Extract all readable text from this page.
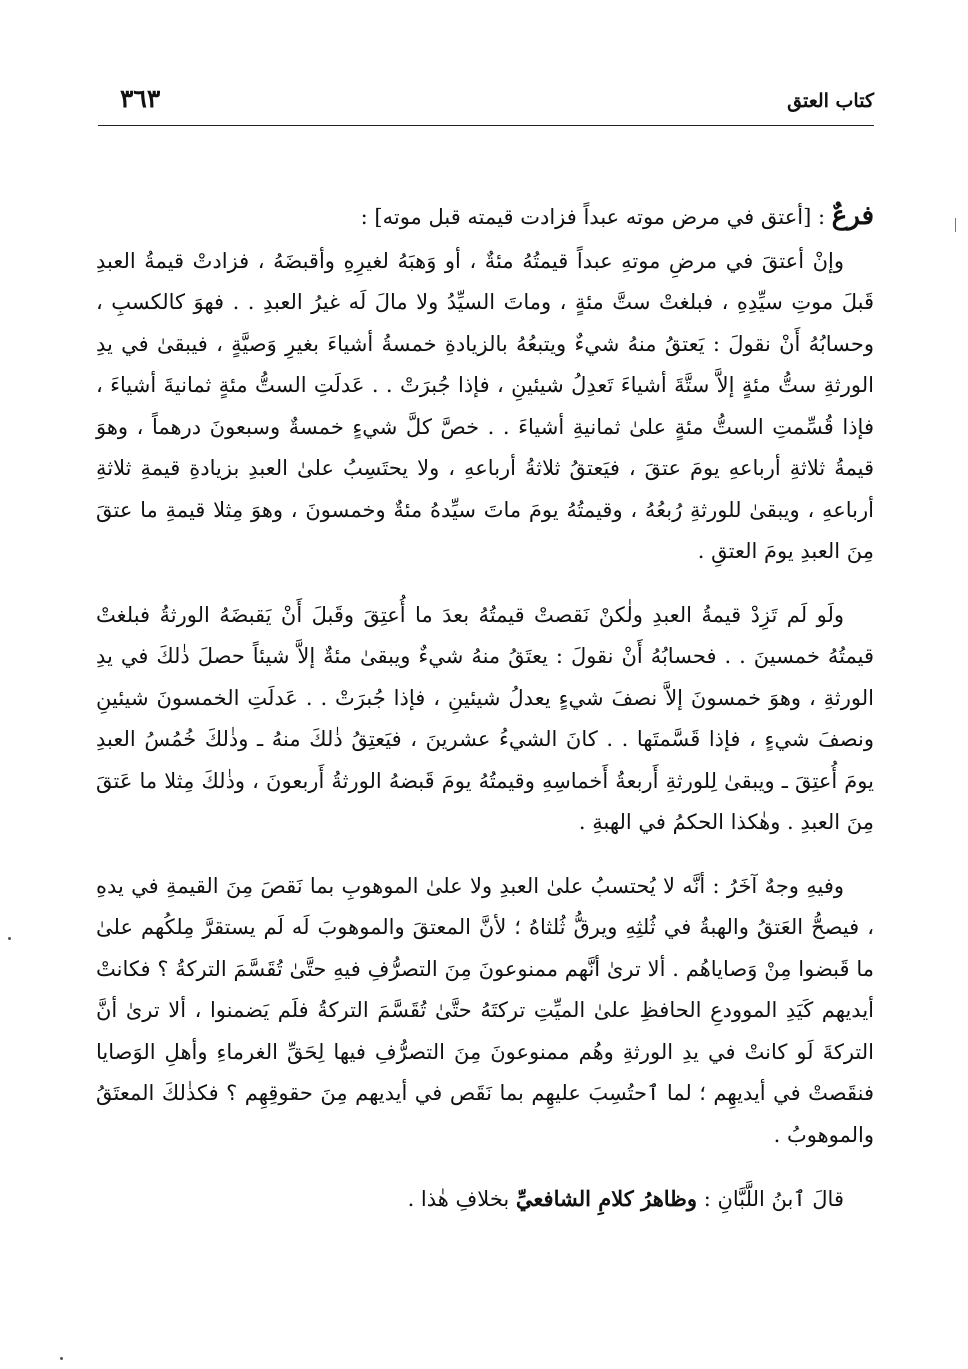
كتاب العتق
٣٦٣

فرعٌ : [أعتق في مرض موته عبداً فزادت قيمته قبل موته] :

وإنْ أعتقَ في مرضِ موتهِ عبداً قيمتُهُ مئةٌ ، أو وَهبَهُ لغيرِهِ وأقبضَهُ ، فزادتْ قيمةُ العبدِ قَبلَ موتِ سيِّدِهِ ، فبلغتْ ستَّ مئةٍ ، وماتَ السيِّدُ ولا مالَ لَه غيرُ العبدِ . . فهوَ كالكسبِ ، وحسابُهُ أَنْ نقولَ : يَعتقُ منهُ شيءٌ ويتبعُهُ بالزيادةِ خمسةُ أشياءَ بغيرِ وَصيَّةٍ ، فيبقىٰ في يدِ الورثةِ ستُّ مئةٍ إلاَّ ستَّةَ أشياءَ تَعدِلُ شيئينِ ، فإذا جُبرَتْ . . عَدلَتِ الستُّ مئةٍ ثمانيةَ أشياءَ ، فإذا قُسِّمتِ الستُّ مئةٍ علىٰ ثمانيةِ أشياءَ . . خصَّ كلَّ شيءٍ خمسةٌ وسبعونَ درهماً ، وهوَ قيمةُ ثلاثةِ أرباعهِ يومَ عتقَ ، فيَعتقُ ثلاثةُ أرباعهِ ، ولا يحتَسِبُ علىٰ العبدِ بزيادةِ قيمةِ ثلاثةِ أرباعهِ ، ويبقىٰ للورثةِ رُبعُهُ ، وقيمتُهُ يومَ ماتَ سيِّدهُ مئةٌ وخمسونَ ، وهوَ مِثلا قيمةِ ما عتقَ مِنَ العبدِ يومَ العتقِ .

ولَو لَم تَزِدْ قيمةُ العبدِ ولٰكنْ نَقصتْ قيمتُهُ بعدَ ما أُعتِقَ وقَبلَ أَنْ يَقبضَهُ الورثةُ فبلغتْ قيمتُهُ خمسينَ . . فحسابُهُ أَنْ نقولَ : يعتَقُ منهُ شيءٌ ويبقىٰ مئةٌ إلاَّ شيئاً حصلَ ذٰلكَ في يدِ الورثةِ ، وهوَ خمسونَ إلاَّ نصفَ شيءٍ يعدلُ شيئينِ ، فإذا جُبرَتْ . . عَدلَتِ الخمسونَ شيئينِ ونصفَ شيءٍ ، فإذا قَسَّمتَها . . كانَ الشيءُ عشرينَ ، فيَعتِقُ ذٰلكَ منهُ ـ وذٰلكَ خُمُسُ العبدِ يومَ أُعتِقَ ـ ويبقىٰ لِلورثةِ أَربعةُ أَخماسِهِ وقيمتُهُ يومَ قَبضهُ الورثةُ أَربعونَ ، وذٰلكَ مِثلا ما عَتقَ مِنَ العبدِ . وهٰكذا الحكمُ في الهبةِ .

وفيهِ وجهٌ آخَرُ : أنَّه لا يُحتسبُ علىٰ العبدِ ولا علىٰ الموهوبِ بما نَقصَ مِنَ القيمةِ في يدهِ ، فيصحُّ العَتقُ والهبةُ في ثُلثِهِ ويرقُّ ثُلثاهُ ؛ لأنَّ المعتقَ والموهوبَ لَه لَم يستقرَّ مِلكُهم علىٰ ما قَبضوا مِنْ وَصاياهُم . ألا ترىٰ أنَّهم ممنوعونَ مِنَ التصرُّفِ فيهِ حتَّىٰ تُقَسَّمَ التركةُ ؟ فكانتْ أيديهم كَيَدِ الموودعِ الحافظِ علىٰ الميِّتِ تركتَهُ حتَّىٰ تُقَسَّمَ التركةُ فلَم يَضمنوا ، ألا ترىٰ أنَّ التركةَ لَو كانتْ في يدِ الورثةِ وهُم ممنوعونَ مِنَ التصرُّفِ فيها لِحَقِّ الغرماءِ وأهلِ الوَصايا فنقَصتْ في أيديهِم ؛ لما ٱحتُسِبَ عليهِم بما نَقَص في أيديهم مِنَ حقوقِهِم ؟ فكذٰلكَ المعتَقُ والموهوبُ .

قالَ ٱبنُ اللَّبَّانِ : وظاهرُ كلامِ الشافعيِّ بخلافِ هٰذا .
